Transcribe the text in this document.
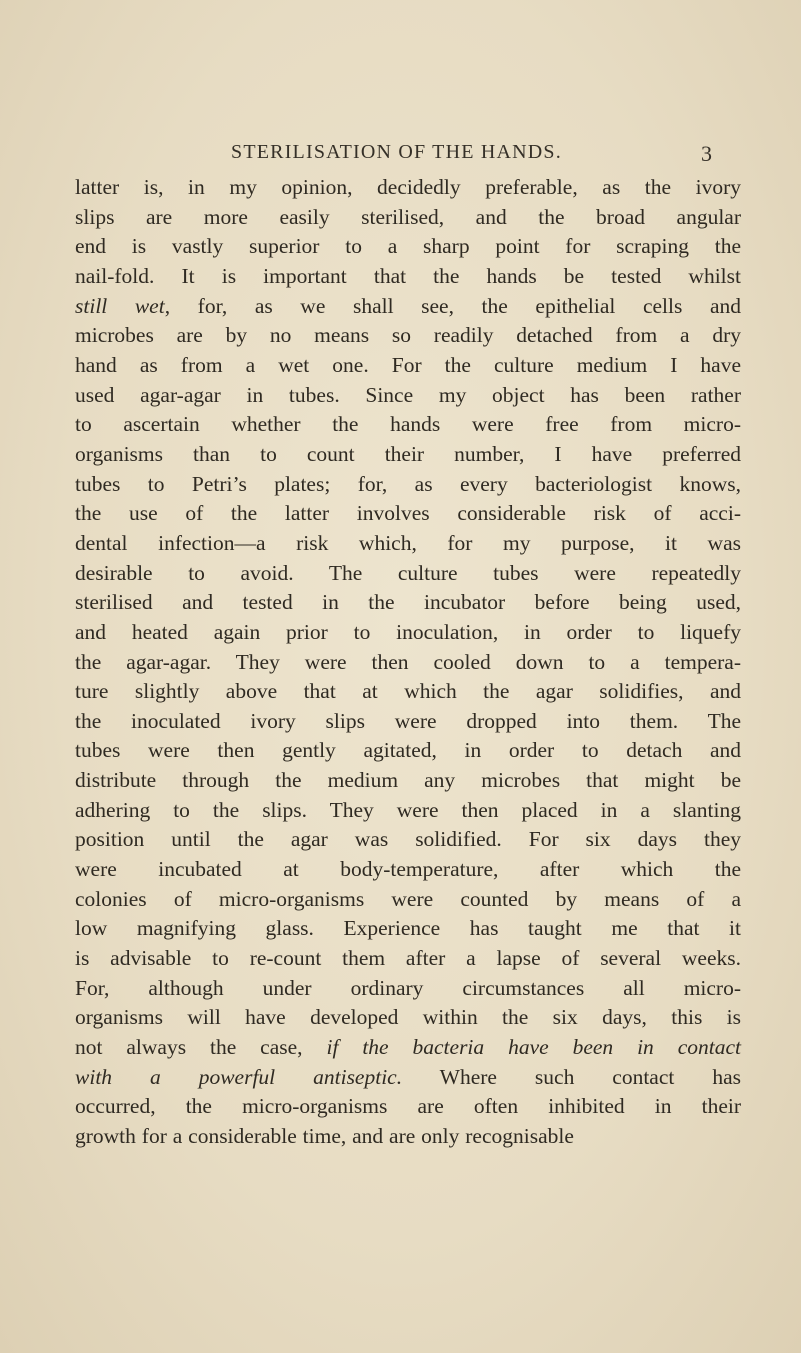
STERILISATION OF THE HANDS.	3
latter is, in my opinion, decidedly preferable, as the ivory
slips are more easily sterilised, and the broad angular
end is vastly superior to a sharp point for scraping the
nail-fold. It is important that the hands be tested whilst
still wet, for, as we shall see, the epithelial cells and
microbes are by no means so readily detached from a dry
hand as from a wet one. For the culture medium I have
used agar-agar in tubes. Since my object has been rather
to ascertain whether the hands were free from micro-
organisms than to count their number, I have preferred
tubes to Petri’s plates; for, as every bacteriologist knows,
the use of the latter involves considerable risk of acci-
dental infection—a risk which, for my purpose, it was
desirable to avoid. The culture tubes were repeatedly
sterilised and tested in the incubator before being used,
and heated again prior to inoculation, in order to liquefy
the agar-agar. They were then cooled down to a tempera-
ture slightly above that at which the agar solidifies, and
the inoculated ivory slips were dropped into them. The
tubes were then gently agitated, in order to detach and
distribute through the medium any microbes that might be
adhering to the slips. They were then placed in a slanting
position until the agar was solidified. For six days they
were incubated at body-temperature, after which the
colonies of micro-organisms were counted by means of a
low magnifying glass. Experience has taught me that it
is advisable to re-count them after a lapse of several weeks.
For, although under ordinary circumstances all micro-
organisms will have developed within the six days, this is
not always the case, if the bacteria have been in contact
with a powerful antiseptic. Where such contact has
occurred, the micro-organisms are often inhibited in their
growth for a considerable time, and are only recognisable
